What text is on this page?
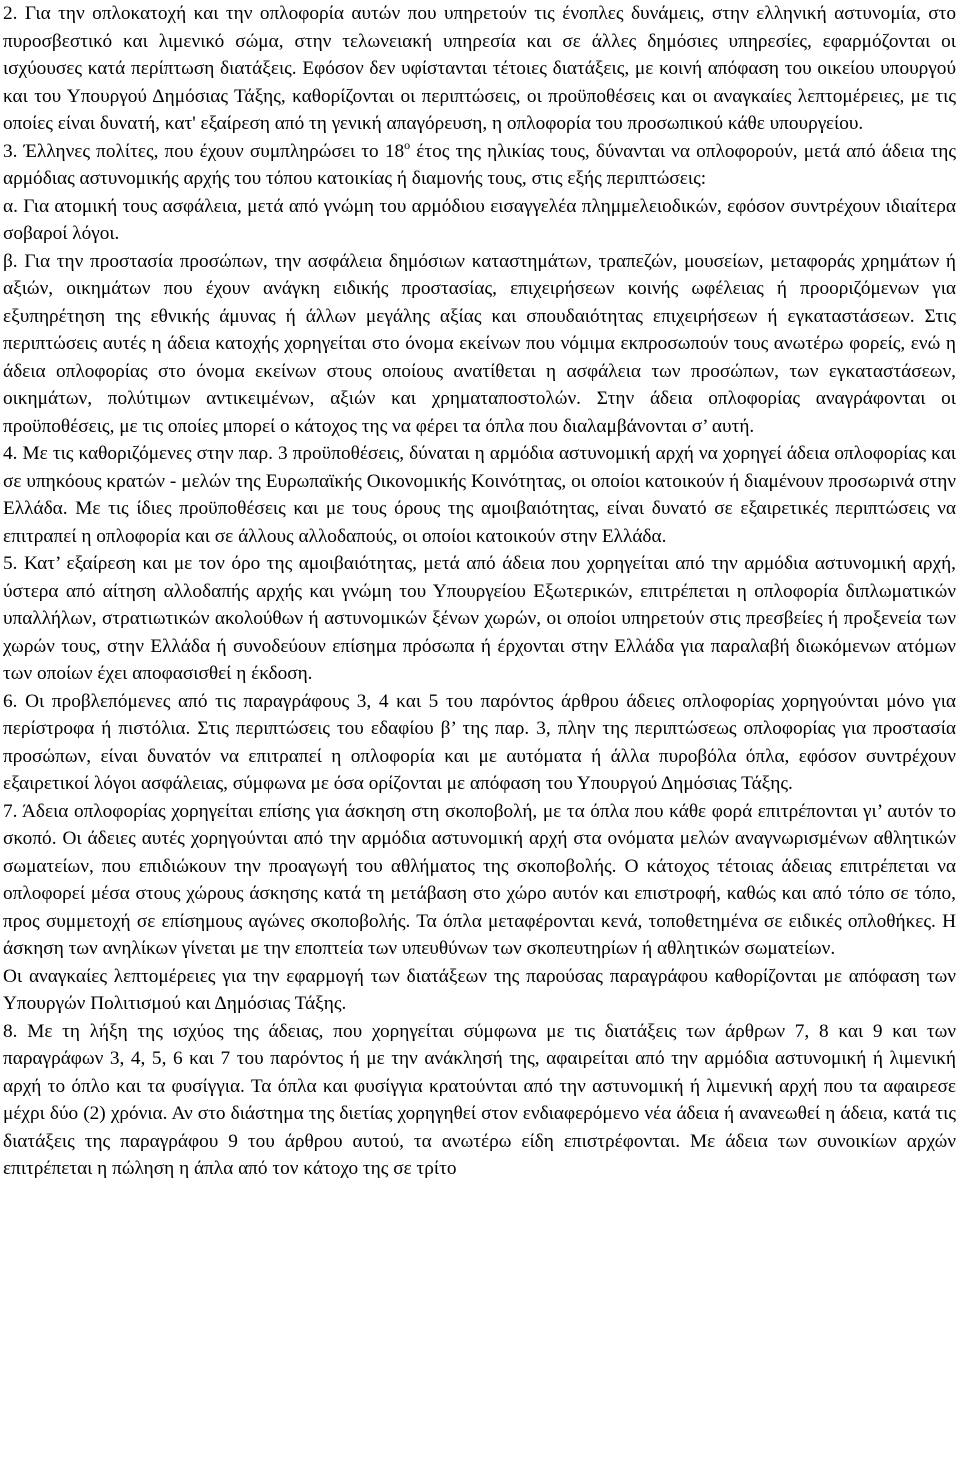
2. Για την οπλοκατοχή και την οπλοφορία αυτών που υπηρετούν τις ένοπλες δυνάμεις, στην ελληνική αστυνομία, στο πυροσβεστικό και λιμενικό σώμα, στην τελωνειακή υπηρεσία και σε άλλες δημόσιες υπηρεσίες, εφαρμόζονται οι ισχύουσες κατά περίπτωση διατάξεις. Εφόσον δεν υφίστανται τέτοιες διατάξεις, με κοινή απόφαση του οικείου υπουργού και του Υπουργού Δημόσιας Τάξης, καθορίζονται οι περιπτώσεις, οι προϋποθέσεις και οι αναγκαίες λεπτομέρειες, με τις οποίες είναι δυνατή, κατ' εξαίρεση από τη γενική απαγόρευση, η οπλοφορία του προσωπικού κάθε υπουργείου.

3. Έλληνες πολίτες, που έχουν συμπληρώσει το $18^o$ έτος της ηλικίας τους, δύνανται να οπλοφορούν, μετά από άδεια της αρμόδιας αστυνομικής αρχής του τόπου κατοικίας ή διαμονής τους, στις εξής περιπτώσεις:

α. Για ατομική τους ασφάλεια, μετά από γνώμη του αρμόδιου εισαγγελέα πλημμελειοδικών, εφόσον συντρέχουν ιδιαίτερα σοβαροί λόγοι.

β. Για την προστασία προσώπων, την ασφάλεια δημόσιων καταστημάτων, τραπεζών, μουσείων, μεταφοράς χρημάτων ή αξιών, οικημάτων που έχουν ανάγκη ειδικής προστασίας, επιχειρήσεων κοινής ωφέλειας ή προοριζόμενων για εξυπηρέτηση της εθνικής άμυνας ή άλλων μεγάλης αξίας και σπουδαιότητας επιχειρήσεων ή εγκαταστάσεων. Στις περιπτώσεις αυτές η άδεια κατοχής χορηγείται στο όνομα εκείνων που νόμιμα εκπροσωπούν τους ανωτέρω φορείς, ενώ η άδεια οπλοφορίας στο όνομα εκείνων στους οποίους ανατίθεται η ασφάλεια των προσώπων, των εγκαταστάσεων, οικημάτων, πολύτιμων αντικειμένων, αξιών και χρηματαποστολών. Στην άδεια οπλοφορίας αναγράφονται οι προϋποθέσεις, με τις οποίες μπορεί ο κάτοχος της να φέρει τα όπλα που διαλαμβάνονται σ’ αυτή.

4. Με τις καθοριζόμενες στην παρ. 3 προϋποθέσεις, δύναται η αρμόδια αστυνομική αρχή να χορηγεί άδεια οπλοφορίας και σε υπηκόους κρατών - μελών της Ευρωπαϊκής Οικονομικής Κοινότητας, οι οποίοι κατοικούν ή διαμένουν προσωρινά στην Ελλάδα. Με τις ίδιες προϋποθέσεις και με τους όρους της αμοιβαιότητας, είναι δυνατό σε εξαιρετικές περιπτώσεις να επιτραπεί η οπλοφορία και σε άλλους αλλοδαπούς, οι οποίοι κατοικούν στην Ελλάδα.

5. Κατ’ εξαίρεση και με τον όρο της αμοιβαιότητας, μετά από άδεια που χορηγείται από την αρμόδια αστυνομική αρχή, ύστερα από αίτηση αλλοδαπής αρχής και γνώμη του Υπουργείου Εξωτερικών, επιτρέπεται η οπλοφορία διπλωματικών υπαλλήλων, στρατιωτικών ακολούθων ή αστυνομικών ξένων χωρών, οι οποίοι υπηρετούν στις πρεσβείες ή προξενεία των χωρών τους, στην Ελλάδα ή συνοδεύουν επίσημα πρόσωπα ή έρχονται στην Ελλάδα για παραλαβή διωκόμενων ατόμων των οποίων έχει αποφασισθεί η έκδοση.

6. Οι προβλεπόμενες από τις παραγράφους 3, 4 και 5 του παρόντος άρθρου άδειες οπλοφορίας χορηγούνται μόνο για περίστροφα ή πιστόλια. Στις περιπτώσεις του εδαφίου β’ της παρ. 3, πλην της περιπτώσεως οπλοφορίας για προστασία προσώπων, είναι δυνατόν να επιτραπεί η οπλοφορία και με αυτόματα ή άλλα πυροβόλα όπλα, εφόσον συντρέχουν εξαιρετικοί λόγοι ασφάλειας, σύμφωνα με όσα ορίζονται με απόφαση του Υπουργού Δημόσιας Τάξης.

7. Άδεια οπλοφορίας χορηγείται επίσης για άσκηση στη σκοποβολή, με τα όπλα που κάθε φορά επιτρέπονται γι’ αυτόν το σκοπό. Οι άδειες αυτές χορηγούνται από την αρμόδια αστυνομική αρχή στα ονόματα μελών αναγνωρισμένων αθλητικών σωματείων, που επιδιώκουν την προαγωγή του αθλήματος της σκοποβολής. Ο κάτοχος τέτοιας άδειας επιτρέπεται να οπλοφορεί μέσα στους χώρους άσκησης κατά τη μετάβαση στο χώρο αυτόν και επιστροφή, καθώς και από τόπο σε τόπο, προς συμμετοχή σε επίσημους αγώνες σκοποβολής. Τα όπλα μεταφέρονται κενά, τοποθετημένα σε ειδικές οπλοθήκες. Η άσκηση των ανηλίκων γίνεται με την εποπτεία των υπευθύνων των σκοπευτηρίων ή αθλητικών σωματείων.

Οι αναγκαίες λεπτομέρειες για την εφαρμογή των διατάξεων της παρούσας παραγράφου καθορίζονται με απόφαση των Υπουργών Πολιτισμού και Δημόσιας Τάξης.

8. Με τη λήξη της ισχύος της άδειας, που χορηγείται σύμφωνα με τις διατάξεις των άρθρων 7, 8 και 9 και των παραγράφων 3, 4, 5, 6 και 7 του παρόντος ή με την ανάκλησή της, αφαιρείται από την αρμόδια αστυνομική ή λιμενική αρχή το όπλο και τα φυσίγγια. Τα όπλα και φυσίγγια κρατούνται από την αστυνομική ή λιμενική αρχή που τα αφαιρεσε μέχρι δύο (2) χρόνια. Αν στο διάστημα της διετίας χορηγηθεί στον ενδιαφερόμενο νέα άδεια ή ανανεωθεί η άδεια, κατά τις διατάξεις της παραγράφου 9 του άρθρου αυτού, τα ανωτέρω είδη επιστρέφονται. Με άδεια των συνοικίων αρχών επιτρέπεται η πώληση η άπλα από τον κάτοχο της σε τρίτο
